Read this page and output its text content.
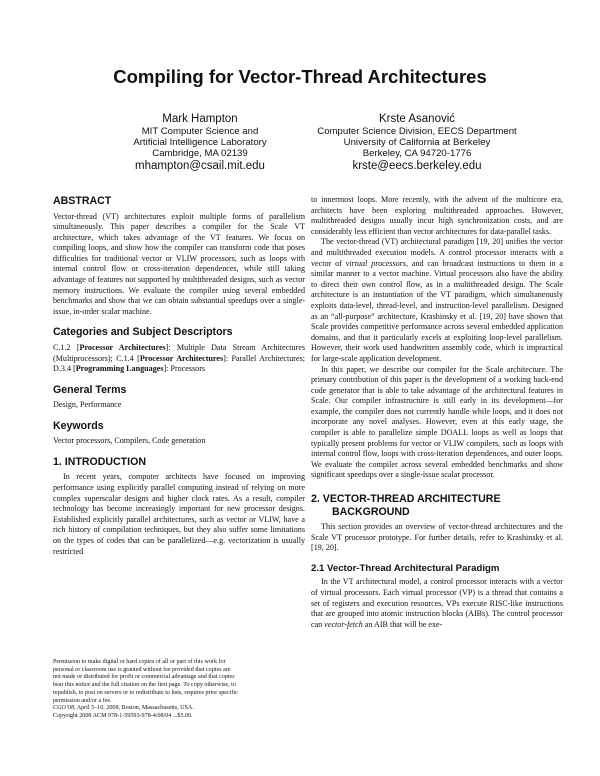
Compiling for Vector-Thread Architectures
Mark Hampton
MIT Computer Science and
Artificial Intelligence Laboratory
Cambridge, MA 02139
mhampton@csail.mit.edu
Krste Asanović
Computer Science Division, EECS Department
University of California at Berkeley
Berkeley, CA 94720-1776
krste@eecs.berkeley.edu
ABSTRACT

Vector-thread (VT) architectures exploit multiple forms of parallelism simultaneously. This paper describes a compiler for the Scale VT architecture, which takes advantage of the VT features. We focus on compiling loops, and show how the compiler can transform code that poses difficulties for traditional vector or VLIW processors, such as loops with internal control flow or cross-iteration dependences, while still taking advantage of features not supported by multithreaded designs, such as vector memory instructions. We evaluate the compiler using several embedded benchmarks and show that we can obtain substantial speedups over a single-issue, in-order scalar machine.

Categories and Subject Descriptors

C.1.2 [Processor Architectures]: Multiple Data Stream Architectures (Multiprocessors); C.1.4 [Processor Architectures]: Parallel Architectures; D.3.4 [Programming Languages]: Processors

General Terms

Design, Performance

Keywords

Vector processors, Compilers, Code generation

1. INTRODUCTION

In recent years, computer architects have focused on improving performance using explicitly parallel computing instead of relying on more complex superscalar designs and higher clock rates. As a result, compiler technology has become increasingly important for new processor designs. Established explicitly parallel architectures, such as vector or VLIW, have a rich history of compilation techniques, but they also suffer some limitations on the types of codes that can be parallelized—e.g. vectorization is usually restricted

Permission to make digital or hard copies of all or part of this work for
personal or classroom use is granted without fee provided that copies are
not made or distributed for profit or commercial advantage and that copies
bear this notice and the full citation on the first page. To copy otherwise, to
republish, to post on servers or to redistribute to lists, requires prior specific
permission and/or a fee.
CGO’08, April 5–10, 2008, Boston, Massachusetts, USA.
Copyright 2008 ACM 978-1-59593-978-4/08/04 ...$5.00.

to innermost loops. More recently, with the advent of the multicore era, architects have been exploring multithreaded approaches. However, multithreaded designs usually incur high synchronization costs, and are considerably less efficient than vector architectures for data-parallel tasks.

The vector-thread (VT) architectural paradigm [19, 20] unifies the vector and multithreaded execution models. A control processor interacts with a vector of virtual processors, and can broadcast instructions to them in a similar manner to a vector machine. Virtual processors also have the ability to direct their own control flow, as in a multithreaded design. The Scale architecture is an instantiation of the VT paradigm, which simultaneously exploits data-level, thread-level, and instruction-level parallelism. Designed as an “all-purpose” architecture, Krashinsky et al. [19, 20] have shown that Scale provides competitive performance across several embedded application domains, and that it particularly excels at exploiting loop-level parallelism. However, their work used handwritten assembly code, which is impractical for large-scale application development.

In this paper, we describe our compiler for the Scale architecture. The primary contribution of this paper is the development of a working back-end code generator that is able to take advantage of the architectural features in Scale. Our compiler infrastructure is still early in its development—for example, the compiler does not currently handle while loops, and it does not incorporate any novel analyses. However, even at this early stage, the compiler is able to parallelize simple DOALL loops as well as loops that typically present problems for vector or VLIW compilers, such as loops with internal control flow, loops with cross-iteration dependences, and outer loops. We evaluate the compiler across several embedded benchmarks and show significant speedups over a single-issue scalar processor.

2. VECTOR-THREAD ARCHITECTURE
BACKGROUND

This section provides an overview of vector-thread architectures and the Scale VT processor prototype. For further details, refer to Krashinsky et al. [19, 20].

2.1 Vector-Thread Architectural Paradigm

In the VT architectural model, a control processor interacts with a vector of virtual processors. Each virtual processor (VP) is a thread that contains a set of registers and execution resources. VPs execute RISC-like instructions that are grouped into atomic instruction blocks (AIBs). The control processor can vector-fetch an AIB that will be exe-
